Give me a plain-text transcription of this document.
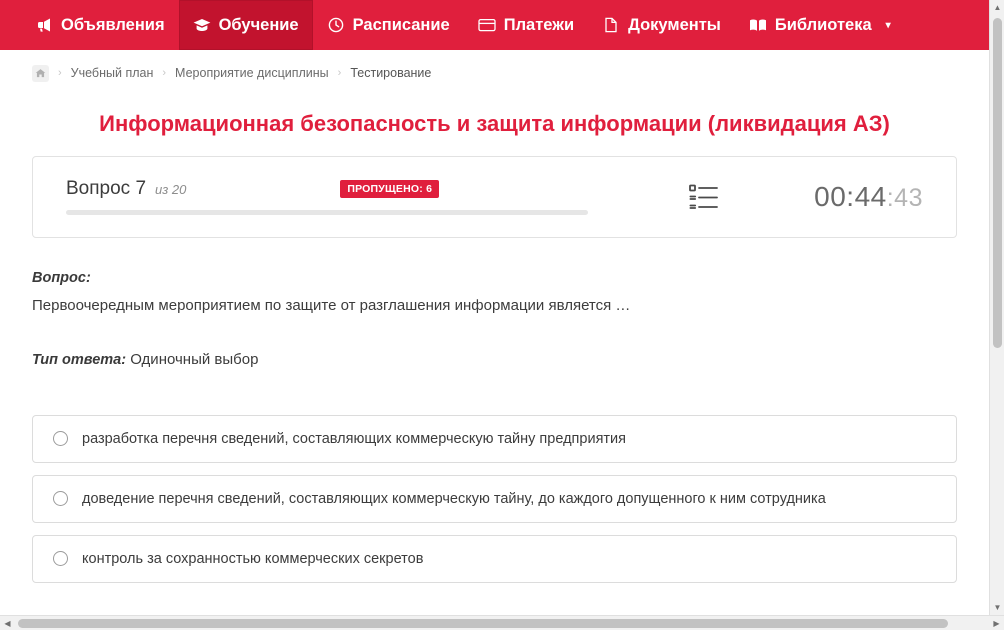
Объявления	Обучение	Расписание	Платежи	Документы	Библиотека ▾
› Учебный план › Мероприятие дисциплины › Тестирование
Информационная безопасность и защита информации (ликвидация АЗ)
Вопрос 7 из 20	ПРОПУЩЕНО: 6	00:44:43
Вопрос:
Первоочередным мероприятием по защите от разглашения информации является …
Тип ответа: Одиночный выбор
разработка перечня сведений, составляющих коммерческую тайну предприятия
доведение перечня сведений, составляющих коммерческую тайну, до каждого допущенного к ним сотрудника
контроль за сохранностью коммерческих секретов
▲
▼
◀	▶
